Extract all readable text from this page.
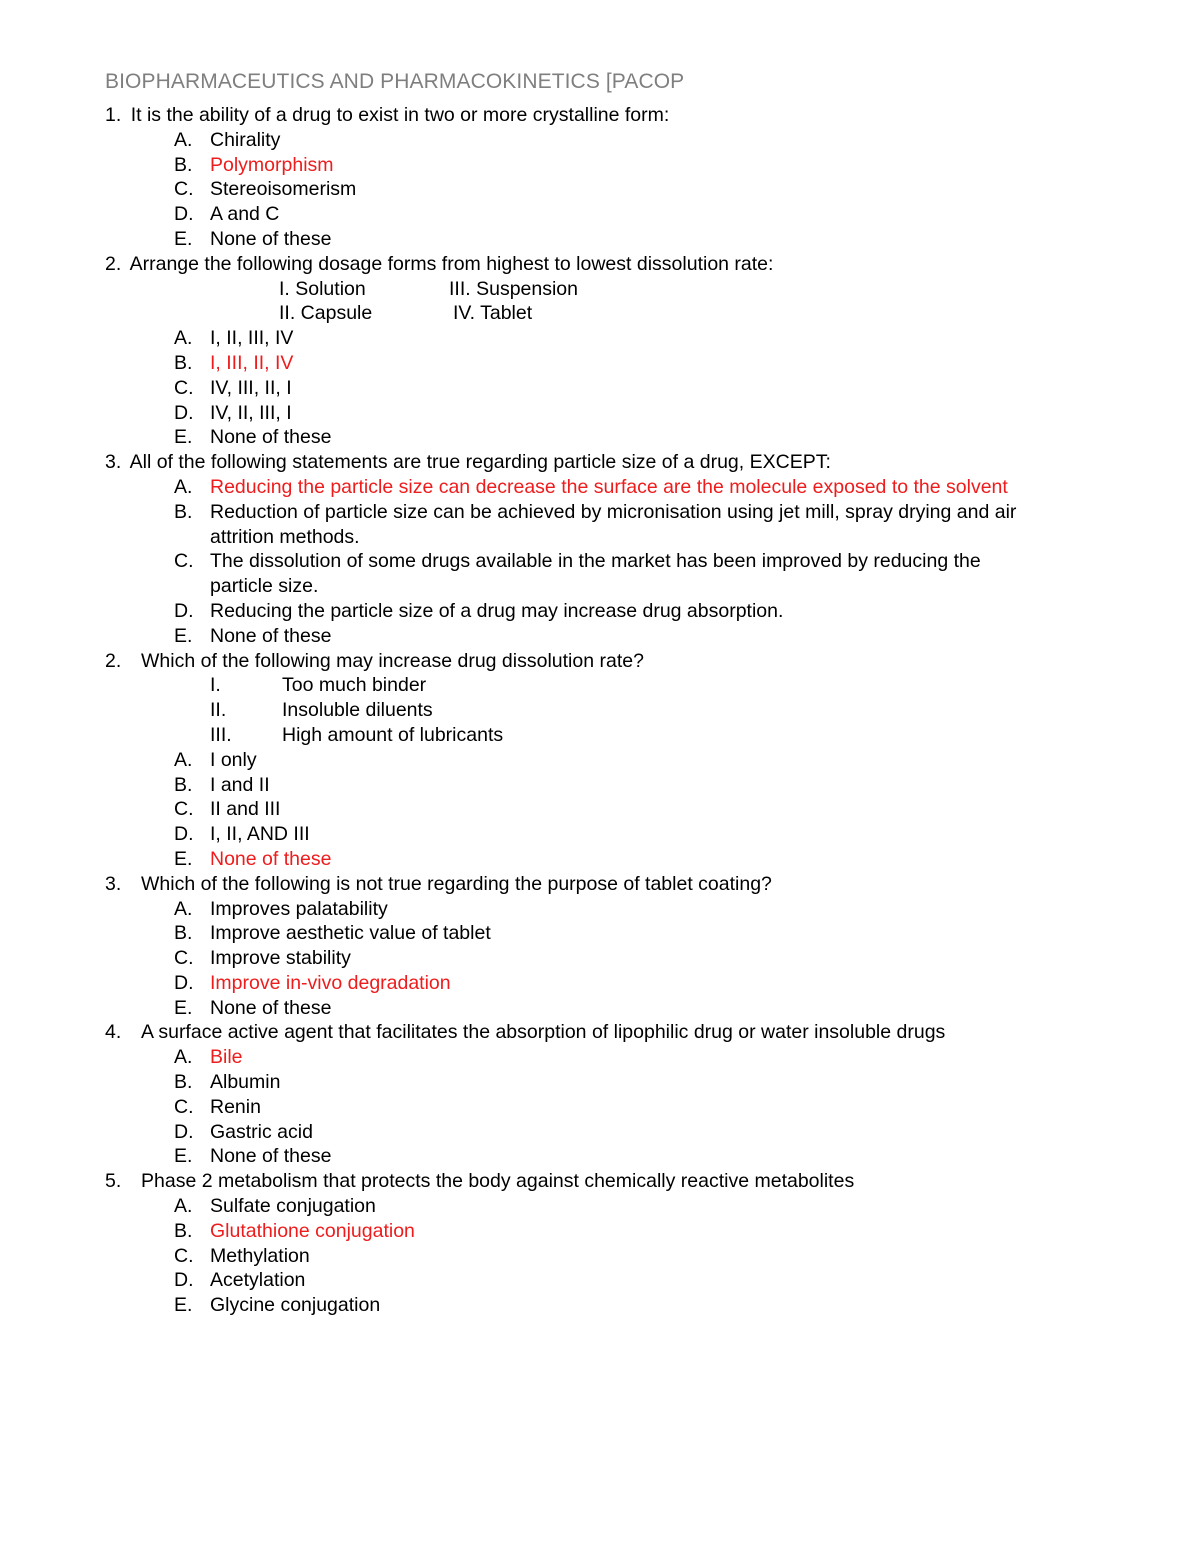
BIOPHARMACEUTICS AND PHARMACOKINETICS [PACOP
1. It is the ability of a drug to exist in two or more crystalline form:
A. Chirality
B. Polymorphism
C. Stereoisomerism
D. A and C
E. None of these
2. Arrange the following dosage forms from highest to lowest dissolution rate:
I. Solution	III. Suspension
II. Capsule	IV. Tablet
A. I, II, III, IV
B. I, III, II, IV
C. IV, III, II, I
D. IV, II, III, I
E. None of these
3. All of the following statements are true regarding particle size of a drug, EXCEPT:
A. Reducing the particle size can decrease the surface are the molecule exposed to the solvent
B. Reduction of particle size can be achieved by micronisation using jet mill, spray drying and air attrition methods.
C. The dissolution of some drugs available in the market has been improved by reducing the particle size.
D. Reducing the particle size of a drug may increase drug absorption.
E. None of these
2. Which of the following may increase drug dissolution rate?
I.	Too much binder
II.	Insoluble diluents
III.	High amount of lubricants
A. I only
B. I and II
C. II and III
D. I, II, AND III
E. None of these
3. Which of the following is not true regarding the purpose of tablet coating?
A. Improves palatability
B. Improve aesthetic value of tablet
C. Improve stability
D. Improve in-vivo degradation
E. None of these
4. A surface active agent that facilitates the absorption of lipophilic drug or water insoluble drugs
A. Bile
B. Albumin
C. Renin
D. Gastric acid
E. None of these
5. Phase 2 metabolism that protects the body against chemically reactive metabolites
A. Sulfate conjugation
B. Glutathione conjugation
C. Methylation
D. Acetylation
E. Glycine conjugation
